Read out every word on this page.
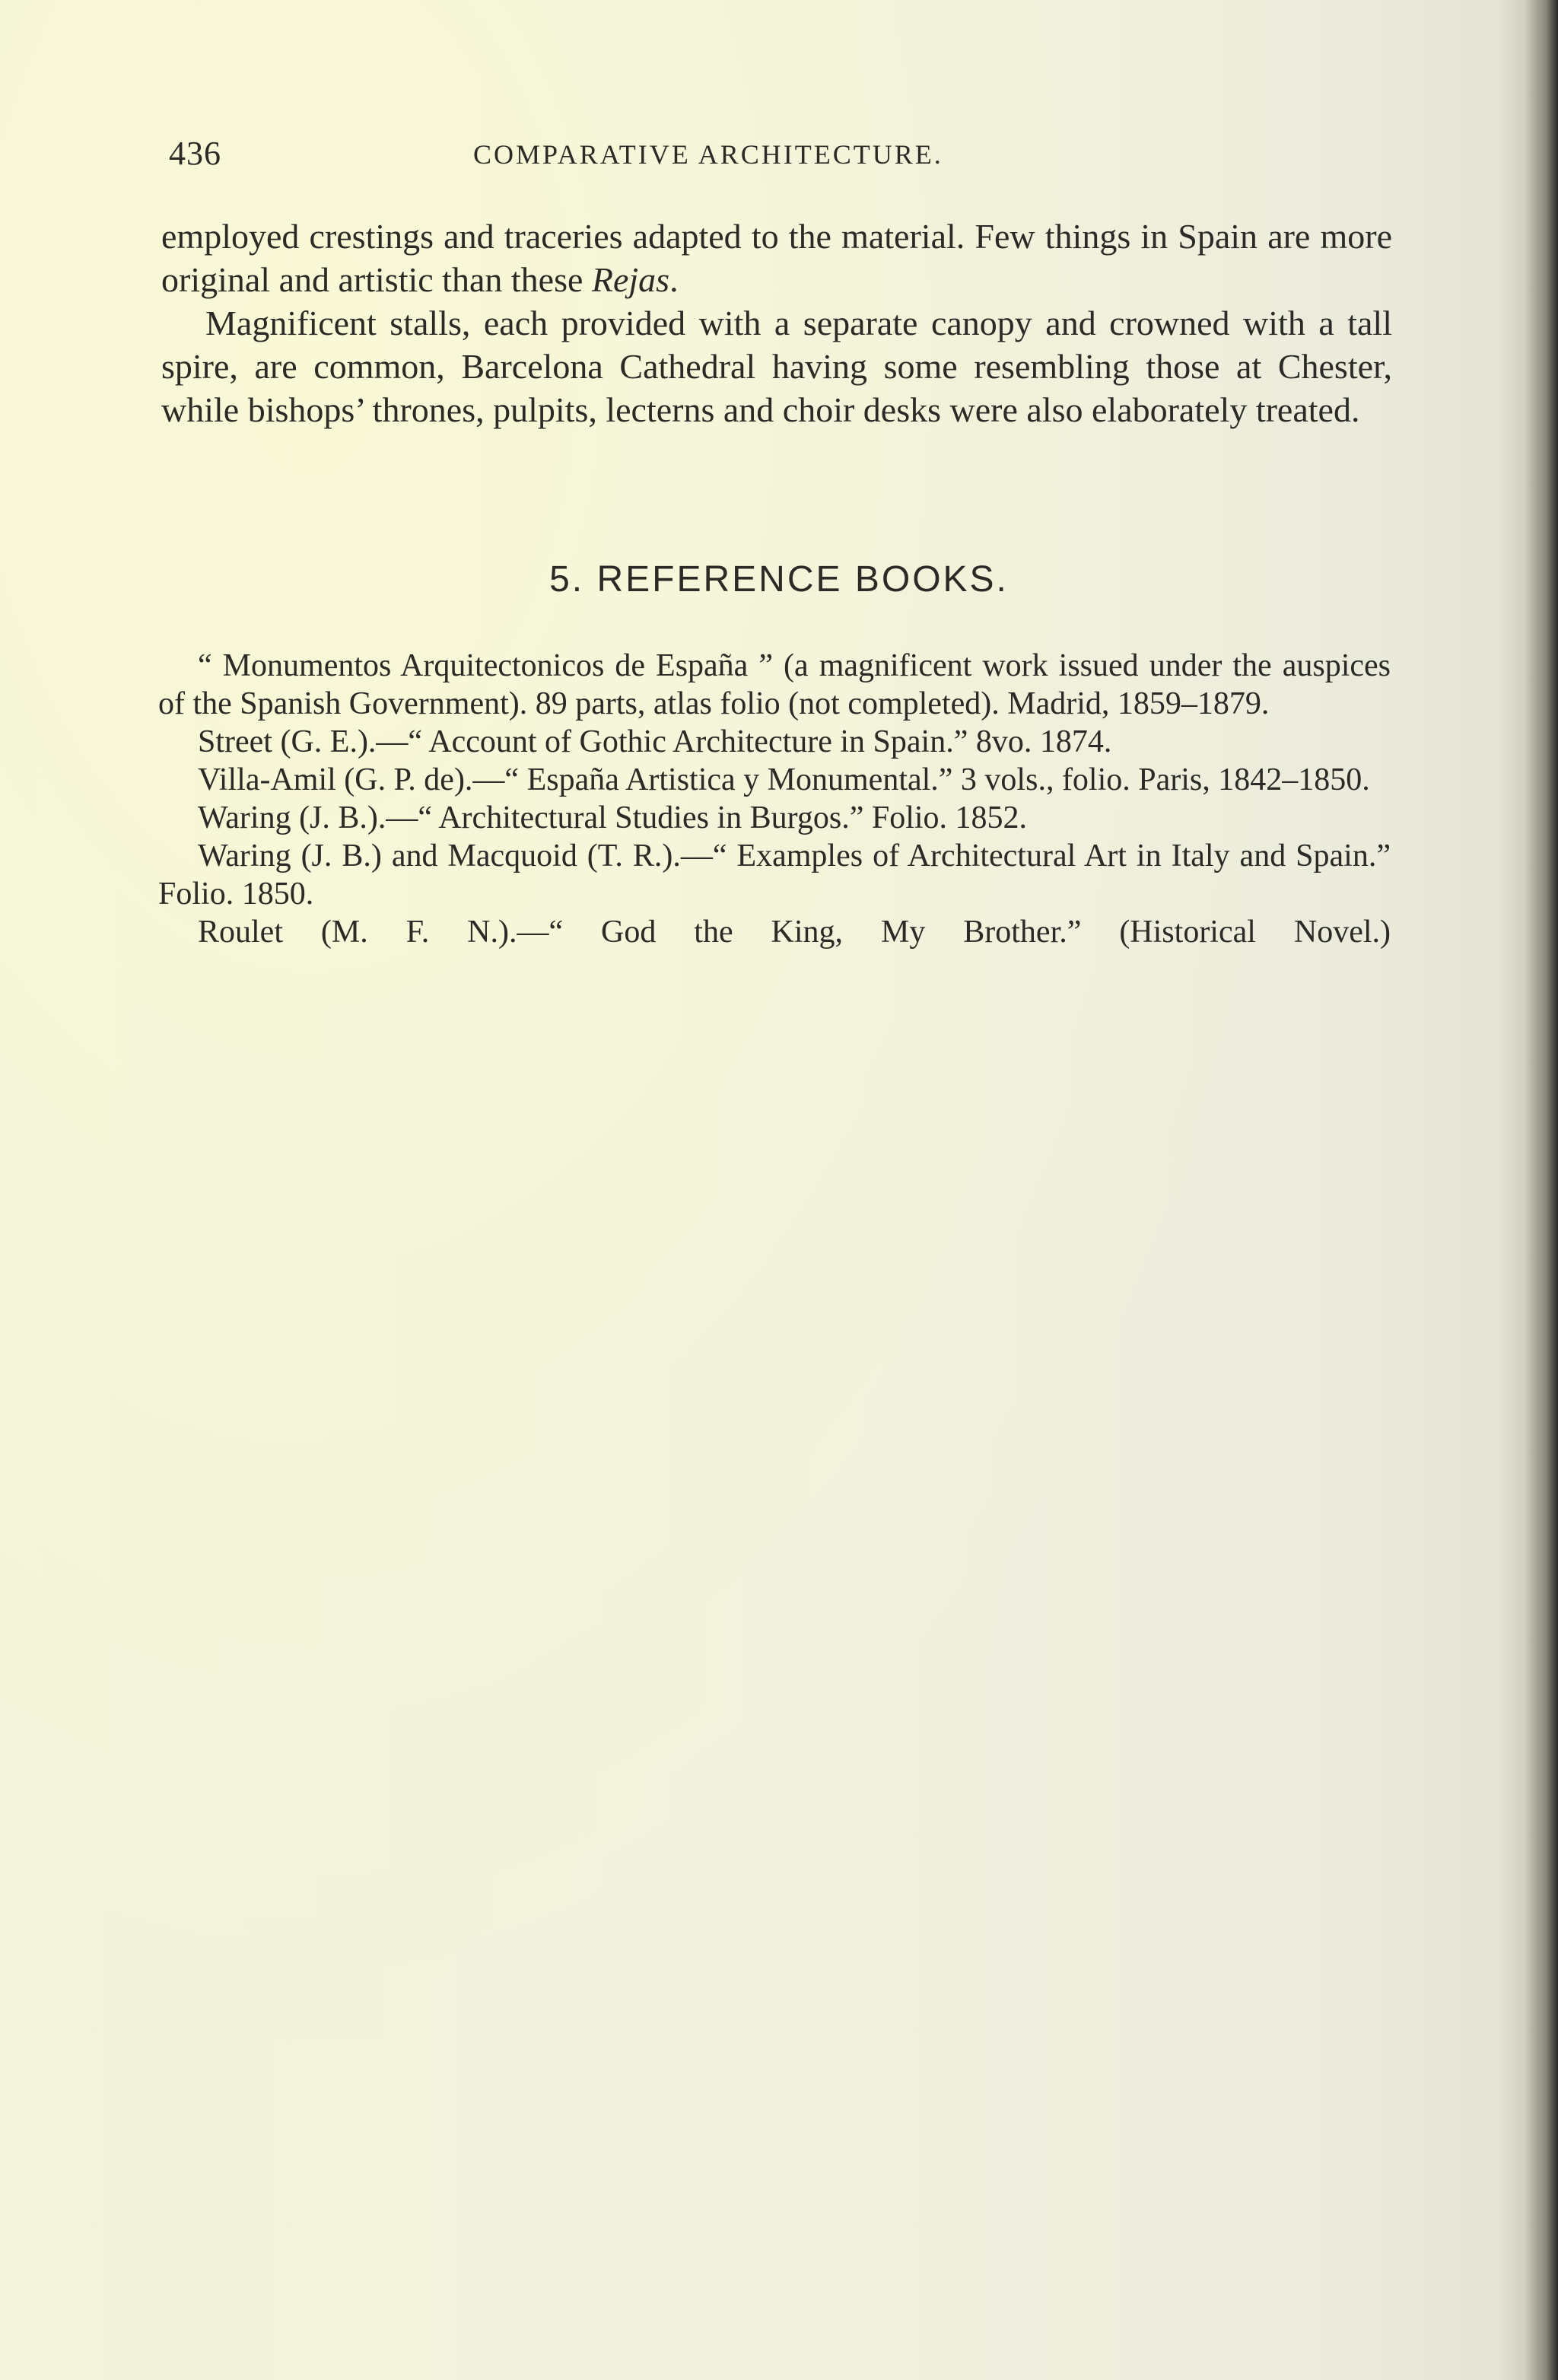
436	COMPARATIVE ARCHITECTURE.

employed crestings and traceries adapted to the material. Few things in Spain are more original and artistic than these Rejas.

Magnificent stalls, each provided with a separate canopy and crowned with a tall spire, are common, Barcelona Cathedral having some resembling those at Chester, while bishops’ thrones, pulpits, lecterns and choir desks were also elaborately treated.

5. REFERENCE BOOKS.

“ Monumentos Arquitectonicos de España ” (a magnificent work issued under the auspices of the Spanish Government). 89 parts, atlas folio (not completed). Madrid, 1859–1879.

Street (G. E.).—“ Account of Gothic Architecture in Spain.” 8vo. 1874.

Villa-Amil (G. P. de).—“ España Artistica y Monumental.” 3 vols., folio. Paris, 1842–1850.

Waring (J. B.).—“ Architectural Studies in Burgos.” Folio. 1852.

Waring (J. B.) and Macquoid (T. R.).—“ Examples of Architectural Art in Italy and Spain.” Folio. 1850.

Roulet (M. F. N.).—“ God the King, My Brother.” (Historical Novel.)
